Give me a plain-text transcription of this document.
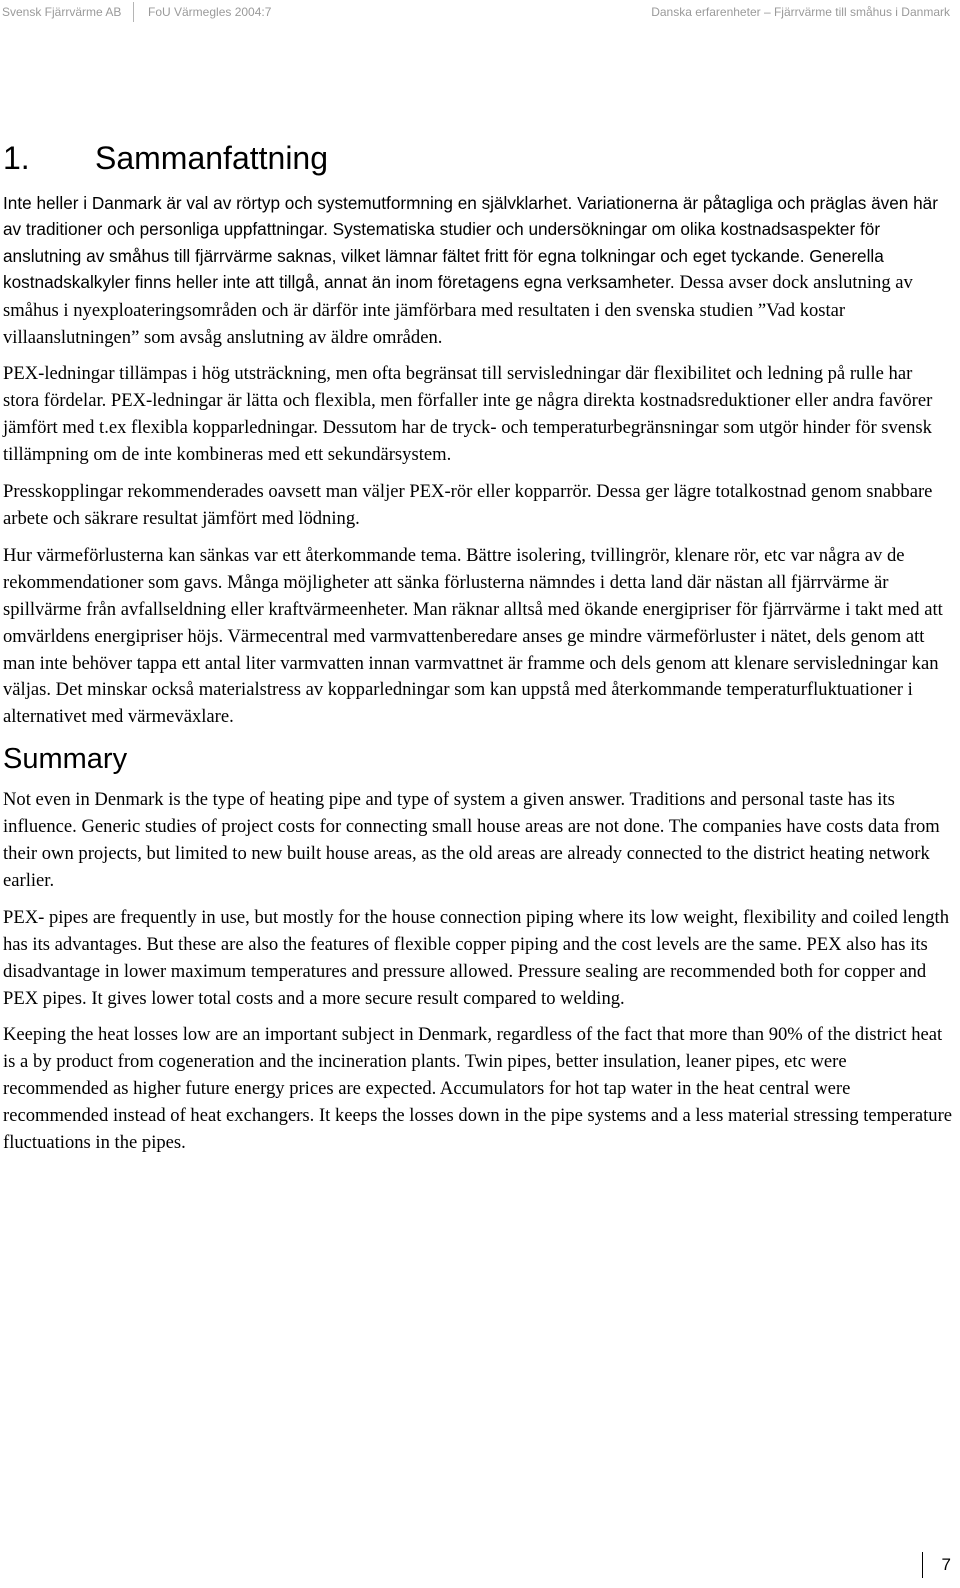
Svensk Fjärrvärme AB FoU Värmegles 2004:7	Danska erfarenheter – Fjärrvärme till småhus i Danmark
1. Sammanfattning

Inte heller i Danmark är val av rörtyp och systemutformning en självklarhet. Variationerna är påtagliga och präglas även här av traditioner och personliga uppfattningar. Systematiska studier och undersökningar om olika kostnadsaspekter för anslutning av småhus till fjärrvärme saknas, vilket lämnar fältet fritt för egna tolkningar och eget tyckande. Generella kostnadskalkyler finns heller inte att tillgå, annat än inom företagens egna verksamheter. Dessa avser dock anslutning av småhus i nyexploateringsområden och är därför inte jämförbara med resultaten i den svenska studien ”Vad kostar villaanslutningen” som avsåg anslutning av äldre områden.

PEX-ledningar tillämpas i hög utsträckning, men ofta begränsat till servisledningar där flexibilitet och ledning på rulle har stora fördelar. PEX-ledningar är lätta och flexibla, men förfaller inte ge några direkta kostnadsreduktioner eller andra favörer jämfört med t.ex flexibla kopparledningar. Dessutom har de tryck- och temperaturbegränsningar som utgör hinder för svensk tillämpning om de inte kombineras med ett sekundärsystem.

Presskopplingar rekommenderades oavsett man väljer PEX-rör eller kopparrör. Dessa ger lägre totalkostnad genom snabbare arbete och säkrare resultat jämfört med lödning.

Hur värmeförlusterna kan sänkas var ett återkommande tema. Bättre isolering, tvillingrör, klenare rör, etc var några av de rekommendationer som gavs. Många möjligheter att sänka förlusterna nämndes i detta land där nästan all fjärrvärme är spillvärme från avfallseldning eller kraftvärmeenheter. Man räknar alltså med ökande energipriser för fjärrvärme i takt med att omvärldens energipriser höjs. Värmecentral med varmvattenberedare anses ge mindre värmeförluster i nätet, dels genom att man inte behöver tappa ett antal liter varmvatten innan varmvattnet är framme och dels genom att klenare servisledningar kan väljas. Det minskar också materialstress av kopparledningar som kan uppstå med återkommande temperaturfluktuationer i alternativet med värmeväxlare.

Summary

Not even in Denmark is the type of heating pipe and type of system a given answer. Traditions and personal taste has its influence. Generic studies of project costs for connecting small house areas are not done. The companies have costs data from their own projects, but limited to new built house areas, as the old areas are already connected to the district heating network earlier.

PEX- pipes are frequently in use, but mostly for the house connection piping where its low weight, flexibility and coiled length has its advantages. But these are also the features of flexible copper piping and the cost levels are the same. PEX also has its disadvantage in lower maximum temperatures and pressure allowed. Pressure sealing are recommended both for copper and PEX pipes. It gives lower total costs and a more secure result compared to welding.

Keeping the heat losses low are an important subject in Denmark, regardless of the fact that more than 90% of the district heat is a by product from cogeneration and the incineration plants. Twin pipes, better insulation, leaner pipes, etc were recommended as higher future energy prices are expected. Accumulators for hot tap water in the heat central were recommended instead of heat exchangers. It keeps the losses down in the pipe systems and a less material stressing temperature fluctuations in the pipes.

7
